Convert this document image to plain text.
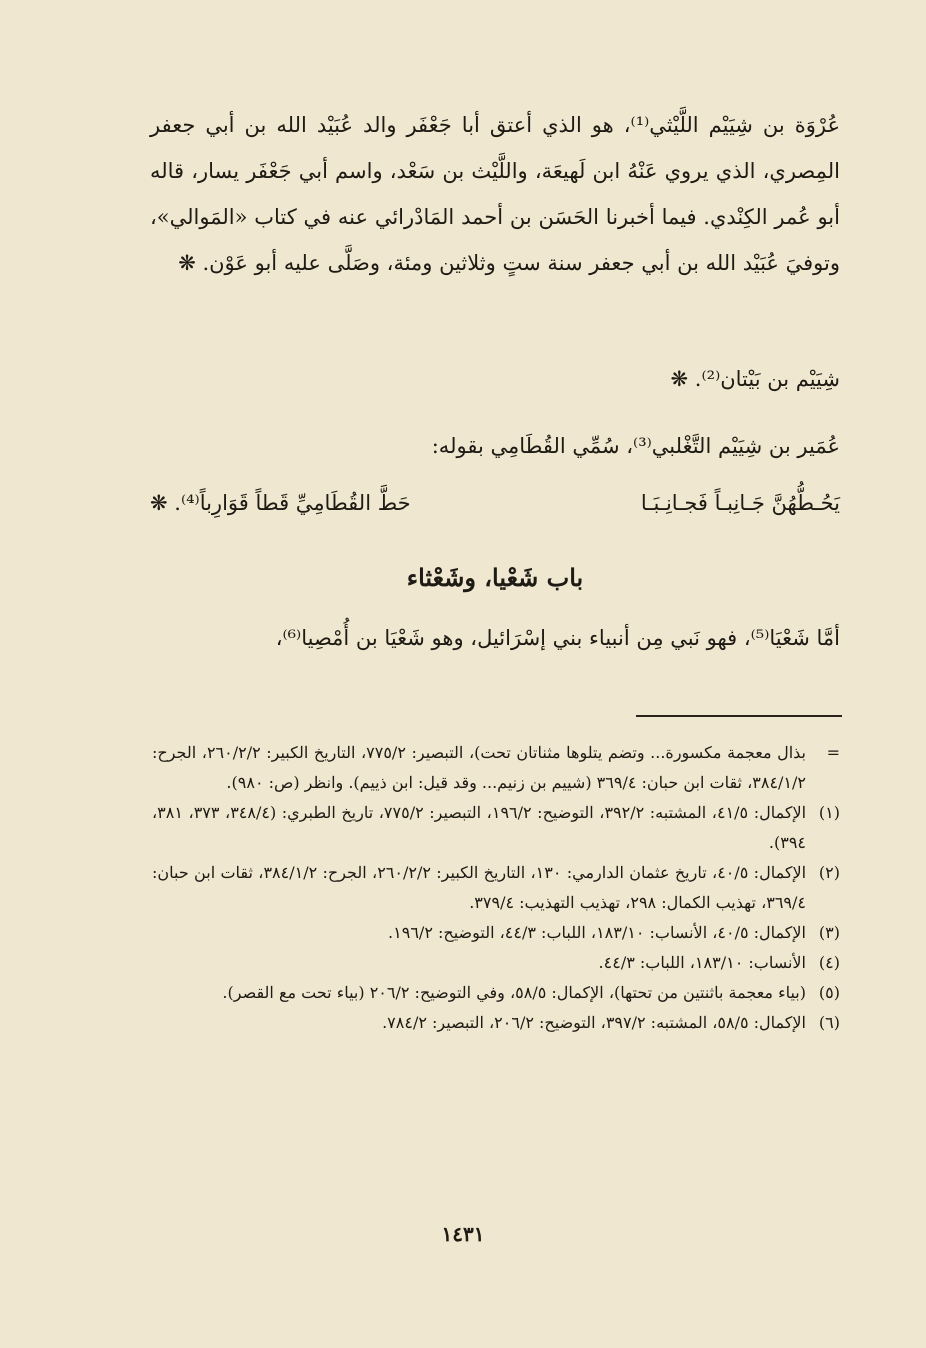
عُرْوَة بن شِيَيْم اللَّيْثي⁽¹⁾، هو الذي أعتق أبا جَعْفَر والد عُبَيْد الله بن أبي جعفر المِصري، الذي يروي عَنْهُ ابن لَهيعَة، واللَّيْث بن سَعْد، واسم أبي جَعْفَر يسار، قاله أبو عُمر الكِنْدي. فيما أخبرنا الحَسَن بن أحمد المَادْرائي عنه في كتاب «المَوالي»، وتوفيَ عُبَيْد الله بن أبي جعفر سنة ستٍ وثلاثين ومئة، وصَلَّى عليه أبو عَوْن. ❋
شِيَيْم بن بَيْتان⁽²⁾. ❋
عُمَير بن شِيَيْم التَّغْلبي⁽³⁾، سُمِّي القُطَامِي بقوله:
يَحُـطُّهُنَّ جَـانِبـاً فَجـانِـبَـا
حَطَّ القُطَامِيِّ قَطاً قَوَارِباً⁽⁴⁾. ❋
باب شَعْيا، وشَعْثاء
أمَّا شَعْيَا⁽⁵⁾، فهو نَبي مِن أنبياء بني إسْرَائيل، وهو شَعْيَا بن أُمْصِيا⁽⁶⁾،
=
بذال معجمة مكسورة... وتضم يتلوها مثناتان تحت)، التبصير: ٧٧٥/٢، التاريخ الكبير: ٢٦٠/٢/٢، الجرح: ٣٨٤/١/٢، ثقات ابن حبان: ٣٦٩/٤ (شييم بن زنيم... وقد قيل: ابن ذييم). وانظر (ص: ٩٨٠).
(١)
الإكمال: ٤١/٥، المشتبه: ٣٩٢/٢، التوضيح: ١٩٦/٢، التبصير: ٧٧٥/٢، تاريخ الطبري: (٣٤٨/٤، ٣٧٣، ٣٨١، ٣٩٤).
(٢)
الإكمال: ٤٠/٥، تاريخ عثمان الدارمي: ١٣٠، التاريخ الكبير: ٢٦٠/٢/٢، الجرح: ٣٨٤/١/٢، ثقات ابن حبان: ٣٦٩/٤، تهذيب الكمال: ٢٩٨، تهذيب التهذيب: ٣٧٩/٤.
(٣)
الإكمال: ٤٠/٥، الأنساب: ١٨٣/١٠، اللباب: ٤٤/٣، التوضيح: ١٩٦/٢.
(٤)
الأنساب: ١٨٣/١٠، اللباب: ٤٤/٣.
(٥)
(بياء معجمة باثنتين من تحتها)، الإكمال: ٥٨/٥، وفي التوضيح: ٢٠٦/٢ (بياء تحت مع القصر).
(٦)
الإكمال: ٥٨/٥، المشتبه: ٣٩٧/٢، التوضيح: ٢٠٦/٢، التبصير: ٧٨٤/٢.
١٤٣١
